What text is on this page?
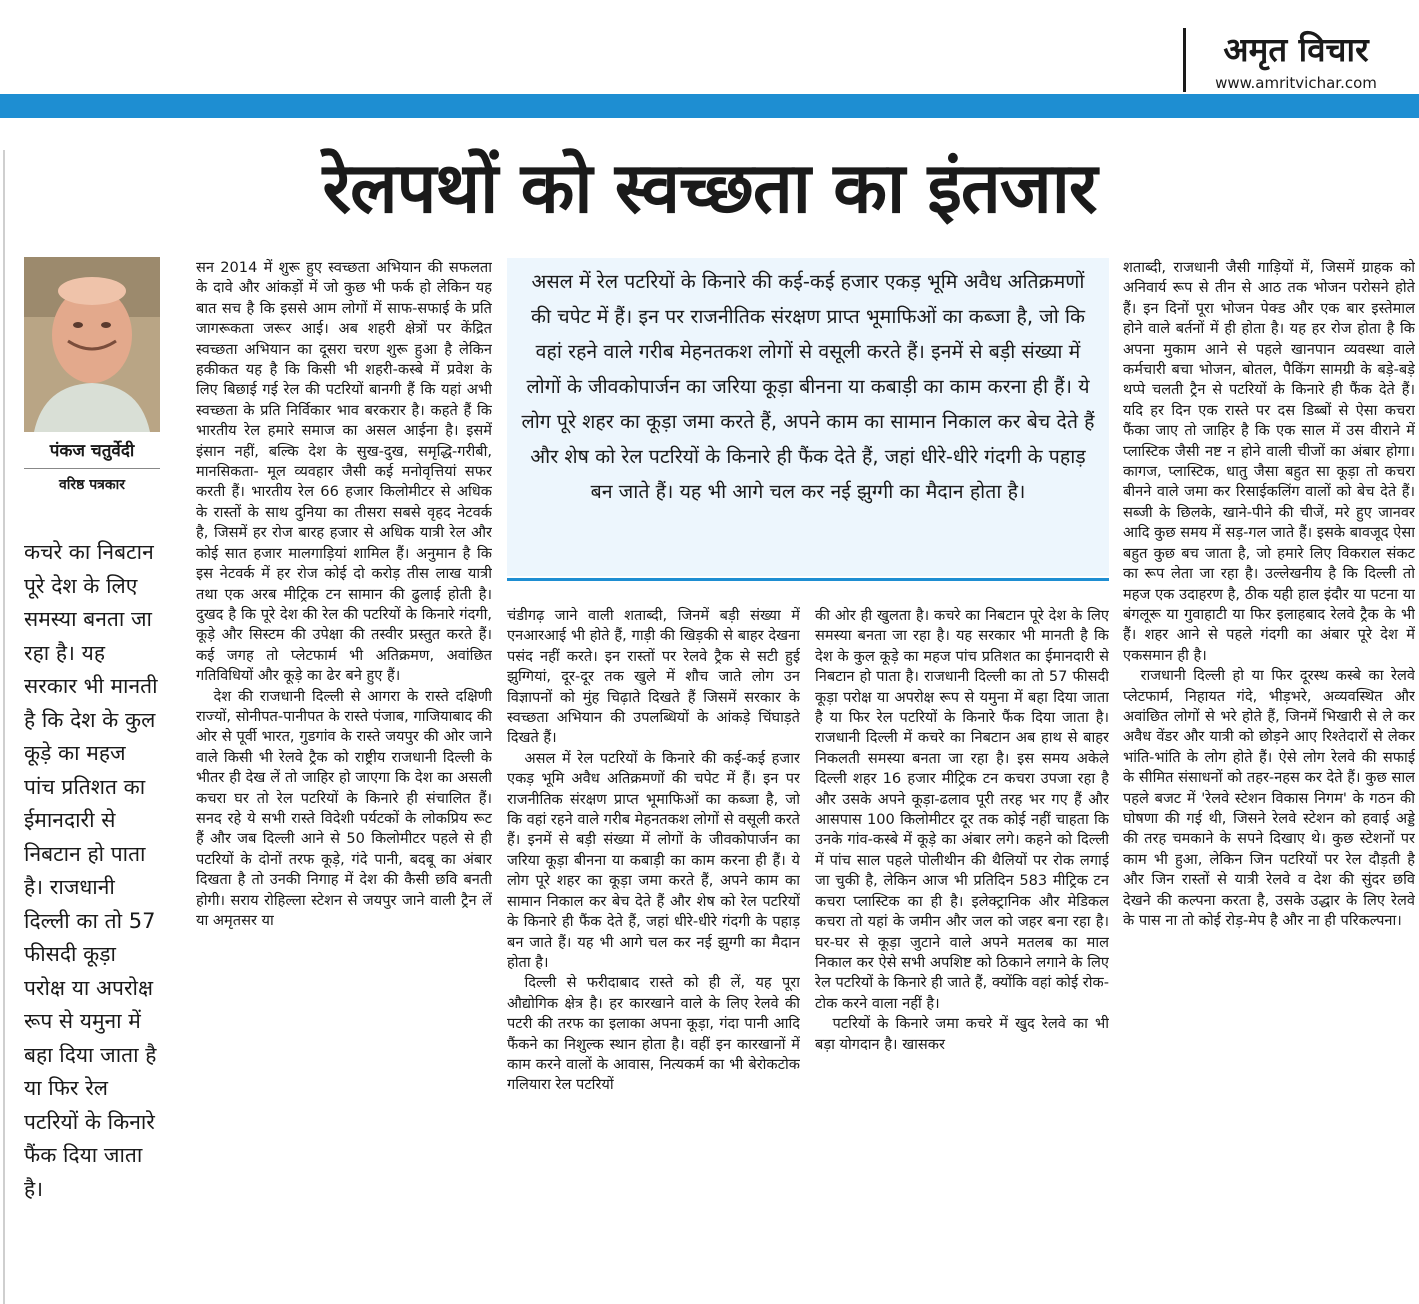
अमृत विचार
www.amritvichar.com
रेलपथों को स्वच्छता का इंतजार
पंकज चतुर्वेदी
वरिष्ठ पत्रकार
कचरे का निबटान पूरे देश के लिए समस्या बनता जा रहा है। यह सरकार भी मानती है कि देश के कुल कूड़े का महज पांच प्रतिशत का ईमानदारी से निबटान हो पाता है। राजधानी दिल्ली का तो 57 फीसदी कूड़ा परोक्ष या अपरोक्ष रूप से यमुना में बहा दिया जाता है या फिर रेल पटरियों के किनारे फैंक दिया जाता है।

सन 2014 में शुरू हुए स्वच्छता अभियान की सफलता के दावे और आंकड़ों में जो कुछ भी फर्क हो लेकिन यह बात सच है कि इससे आम लोगों में साफ-सफाई के प्रति जागरूकता जरूर आई। अब शहरी क्षेत्रों पर केंद्रित स्वच्छता अभियान का दूसरा चरण शुरू हुआ है लेकिन हकीकत यह है कि किसी भी शहरी-कस्बे में प्रवेश के लिए बिछाई गई रेल की पटरियों बानगी हैं कि यहां अभी स्वच्छता के प्रति निर्विकार भाव बरकरार है। कहते हैं कि भारतीय रेल हमारे समाज का असल आईना है। इसमें इंसान नहीं, बल्कि देश के सुख-दुख, समृद्धि-गरीबी, मानसिकता- मूल व्यवहार जैसी कई मनोवृत्तियां सफर करती हैं। भारतीय रेल 66 हजार किलोमीटर से अधिक के रास्तों के साथ दुनिया का तीसरा सबसे वृहद नेटवर्क है, जिसमें हर रोज बारह हजार से अधिक यात्री रेल और कोई सात हजार मालगाड़ियां शामिल हैं। अनुमान है कि इस नेटवर्क में हर रोज कोई दो करोड़ तीस लाख यात्री तथा एक अरब मीट्रिक टन सामान की ढुलाई होती है। दुखद है कि पूरे देश की रेल की पटरियों के किनारे गंदगी, कूड़े और सिस्टम की उपेक्षा की तस्वीर प्रस्तुत करते हैं। कई जगह तो प्लेटफार्म भी अतिक्रमण, अवांछित गतिविधियों और कूड़े का ढेर बने हुए हैं।

देश की राजधानी दिल्ली से आगरा के रास्ते दक्षिणी राज्यों, सोनीपत-पानीपत के रास्ते पंजाब, गाजियाबाद की ओर से पूर्वी भारत, गुडगांव के रास्ते जयपुर की ओर जाने वाले किसी भी रेलवे ट्रैक को राष्ट्रीय राजधानी दिल्ली के भीतर ही देख लें तो जाहिर हो जाएगा कि देश का असली कचरा घर तो रेल पटरियों के किनारे ही संचालित हैं। सनद रहे ये सभी रास्ते विदेशी पर्यटकों के लोकप्रिय रूट हैं और जब दिल्ली आने से 50 किलोमीटर पहले से ही पटरियों के दोनों तरफ कूड़े, गंदे पानी, बदबू का अंबार दिखता है तो उनकी निगाह में देश की कैसी छवि बनती होगी। सराय रोहिल्ला स्टेशन से जयपुर जाने वाली ट्रैन लें या अमृतसर या

असल में रेल पटरियों के किनारे की कई-कई हजार एकड़ भूमि अवैध अतिक्रमणों की चपेट में हैं। इन पर राजनीतिक संरक्षण प्राप्त भूमाफिओं का कब्जा है, जो कि वहां रहने वाले गरीब मेहनतकश लोगों से वसूली करते हैं। इनमें से बड़ी संख्या में लोगों के जीवकोपार्जन का जरिया कूड़ा बीनना या कबाड़ी का काम करना ही हैं। ये लोग पूरे शहर का कूड़ा जमा करते हैं, अपने काम का सामान निकाल कर बेच देते हैं और शेष को रेल पटरियों के किनारे ही फैंक देते हैं, जहां धीरे-धीरे गंदगी के पहाड़ बन जाते हैं। यह भी आगे चल कर नई झुग्गी का मैदान होता है।

चंडीगढ़ जाने वाली शताब्दी, जिनमें बड़ी संख्या में एनआरआई भी होते हैं, गाड़ी की खिड़की से बाहर देखना पसंद नहीं करते। इन रास्तों पर रेलवे ट्रैक से सटी हुई झुग्गियां, दूर-दूर तक खुले में शौच जाते लोग उन विज्ञापनों को मुंह चिढ़ाते दिखते हैं जिसमें सरकार के स्वच्छता अभियान की उपलब्धियों के आंकड़े चिंघाड़ते दिखते हैं।

असल में रेल पटरियों के किनारे की कई-कई हजार एकड़ भूमि अवैध अतिक्रमणों की चपेट में हैं। इन पर राजनीतिक संरक्षण प्राप्त भूमाफिओं का कब्जा है, जो कि वहां रहने वाले गरीब मेहनतकश लोगों से वसूली करते हैं। इनमें से बड़ी संख्या में लोगों के जीवकोपार्जन का जरिया कूड़ा बीनना या कबाड़ी का काम करना ही हैं। ये लोग पूरे शहर का कूड़ा जमा करते हैं, अपने काम का सामान निकाल कर बेच देते हैं और शेष को रेल पटरियों के किनारे ही फैंक देते हैं, जहां धीरे-धीरे गंदगी के पहाड़ बन जाते हैं। यह भी आगे चल कर नई झुग्गी का मैदान होता है।

दिल्ली से फरीदाबाद रास्ते को ही लें, यह पूरा औद्योगिक क्षेत्र है। हर कारखाने वाले के लिए रेलवे की पटरी की तरफ का इलाका अपना कूड़ा, गंदा पानी आदि फैंकने का निशुल्क स्थान होता है। वहीं इन कारखानों में काम करने वालों के आवास, नित्यकर्म का भी बेरोकटोक गलियारा रेल पटरियों

की ओर ही खुलता है। कचरे का निबटान पूरे देश के लिए समस्या बनता जा रहा है। यह सरकार भी मानती है कि देश के कुल कूड़े का महज पांच प्रतिशत का ईमानदारी से निबटान हो पाता है। राजधानी दिल्ली का तो 57 फीसदी कूड़ा परोक्ष या अपरोक्ष रूप से यमुना में बहा दिया जाता है या फिर रेल पटरियों के किनारे फैंक दिया जाता है। राजधानी दिल्ली में कचरे का निबटान अब हाथ से बाहर निकलती समस्या बनता जा रहा है। इस समय अकेले दिल्ली शहर 16 हजार मीट्रिक टन कचरा उपजा रहा है और उसके अपने कूड़ा-ढलाव पूरी तरह भर गए हैं और आसपास 100 किलोमीटर दूर तक कोई नहीं चाहता कि उनके गांव-कस्बे में कूड़े का अंबार लगे। कहने को दिल्ली में पांच साल पहले पोलीथीन की थैलियों पर रोक लगाई जा चुकी है, लेकिन आज भी प्रतिदिन 583 मीट्रिक टन कचरा प्लास्टिक का ही है। इलेक्ट्रानिक और मेडिकल कचरा तो यहां के जमीन और जल को जहर बना रहा है। घर-घर से कूड़ा जुटाने वाले अपने मतलब का माल निकाल कर ऐसे सभी अपशिष्ट को ठिकाने लगाने के लिए रेल पटरियों के किनारे ही जाते हैं, क्योंकि वहां कोई रोक-टोक करने वाला नहीं है।

पटरियों के किनारे जमा कचरे में खुद रेलवे का भी बड़ा योगदान है। खासकर

शताब्दी, राजधानी जैसी गाड़ियों में, जिसमें ग्राहक को अनिवार्य रूप से तीन से आठ तक भोजन परोसने होते हैं। इन दिनों पूरा भोजन पेक्ड और एक बार इस्तेमाल होने वाले बर्तनों में ही होता है। यह हर रोज होता है कि अपना मुकाम आने से पहले खानपान व्यवस्था वाले कर्मचारी बचा भोजन, बोतल, पैकिंग सामग्री के बड़े-बड़े थप्पे चलती ट्रैन से पटरियों के किनारे ही फैंक देते हैं। यदि हर दिन एक रास्ते पर दस डिब्बों से ऐसा कचरा फैंका जाए तो जाहिर है कि एक साल में उस वीराने में प्लास्टिक जैसी नष्ट न होने वाली चीजों का अंबार होगा। कागज, प्लास्टिक, धातु जैसा बहुत सा कूड़ा तो कचरा बीनने वाले जमा कर रिसाईकलिंग वालों को बेच देते हैं। सब्जी के छिलके, खाने-पीने की चीजें, मरे हुए जानवर आदि कुछ समय में सड़-गल जाते हैं। इसके बावजूद ऐसा बहुत कुछ बच जाता है, जो हमारे लिए विकराल संकट का रूप लेता जा रहा है। उल्लेखनीय है कि दिल्ली तो महज एक उदाहरण है, ठीक यही हाल इंदौर या पटना या बंगलूरू या गुवाहाटी या फिर इलाहबाद रेलवे ट्रैक के भी हैं। शहर आने से पहले गंदगी का अंबार पूरे देश में एकसमान ही है।

राजधानी दिल्ली हो या फिर दूरस्थ कस्बे का रेलवे प्लेटफार्म, निहायत गंदे, भीड़भरे, अव्यवस्थित और अवांछित लोगों से भरे होते हैं, जिनमें भिखारी से ले कर अवैध वेंडर और यात्री को छोड़ने आए रिश्तेदारों से लेकर भांति-भांति के लोग होते हैं। ऐसे लोग रेलवे की सफाई के सीमित संसाधनों को तहर-नहस कर देते हैं। कुछ साल पहले बजट में 'रेलवे स्टेशन विकास निगम' के गठन की घोषणा की गई थी, जिसने रेलवे स्टेशन को हवाई अड्डे की तरह चमकाने के सपने दिखाए थे। कुछ स्टेशनों पर काम भी हुआ, लेकिन जिन पटरियों पर रेल दौड़ती है और जिन रास्तों से यात्री रेलवे व देश की सुंदर छवि देखने की कल्पना करता है, उसके उद्धार के लिए रेलवे के पास ना तो कोई रोड़-मेप है और ना ही परिकल्पना।
